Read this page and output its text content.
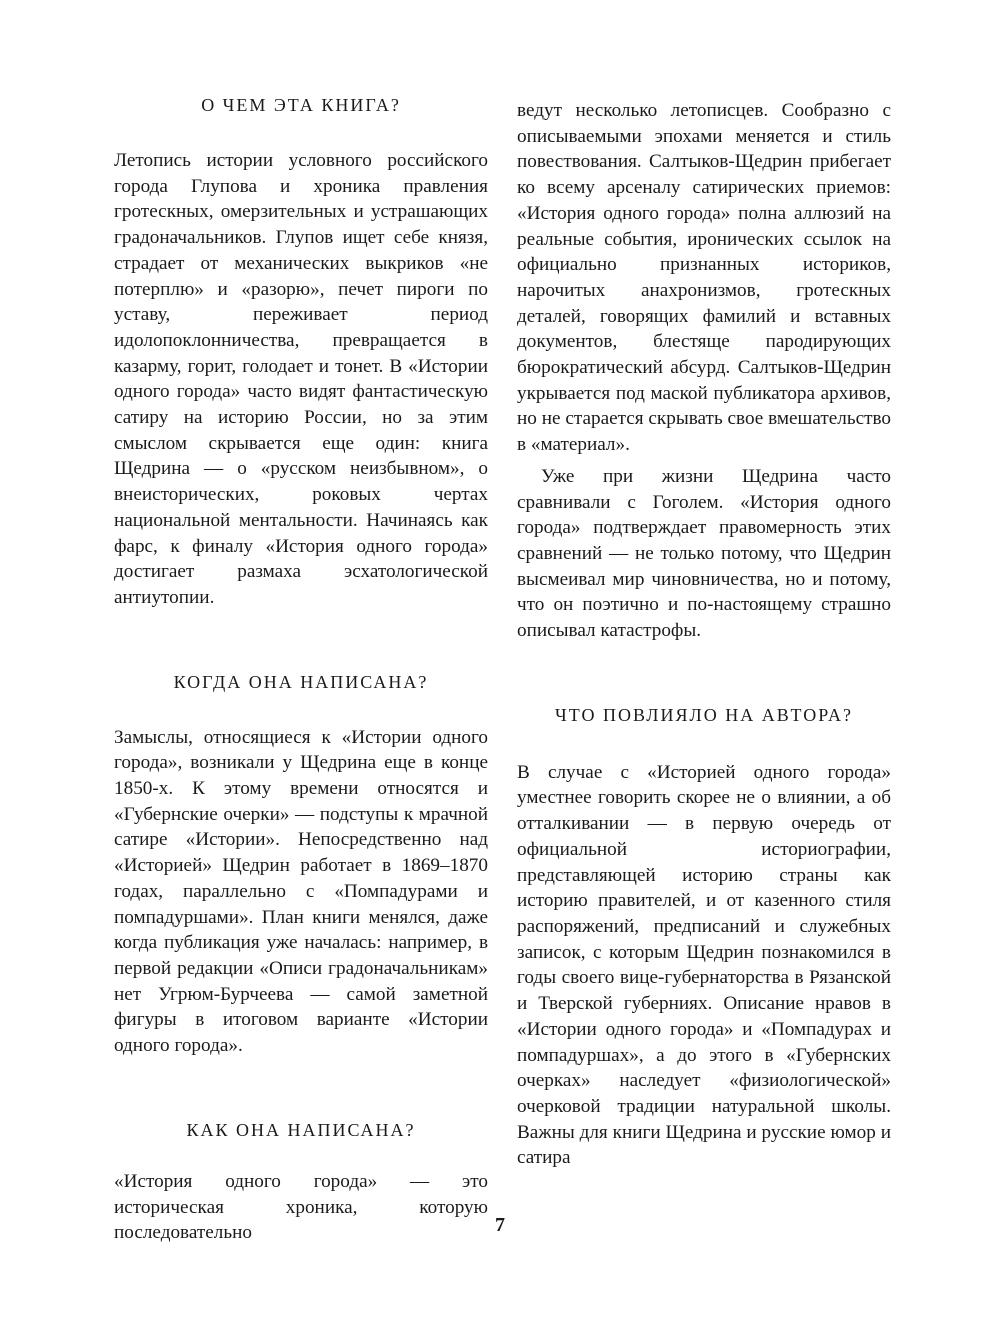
О ЧЕМ ЭТА КНИГА?

Летопись истории условного российского города Глупова и хроника правления гротескных, омерзительных и устрашающих градоначальников. Глупов ищет себе князя, страдает от механических выкриков «не потерплю» и «разорю», печет пироги по уставу, переживает период идолопоклонничества, превращается в казарму, горит, голодает и тонет. В «Истории одного города» часто видят фантастическую сатиру на историю России, но за этим смыслом скрывается еще один: книга Щедрина — о «русском неизбывном», о внеисторических, роковых чертах национальной ментальности. Начинаясь как фарс, к финалу «История одного города» достигает размаха эсхатологической антиутопии.

КОГДА ОНА НАПИСАНА?

Замыслы, относящиеся к «Истории одного города», возникали у Щедрина еще в конце 1850-х. К этому времени относятся и «Губернские очерки» — подступы к мрачной сатире «Истории». Непосредственно над «Историей» Щедрин работает в 1869–1870 годах, параллельно с «Помпадурами и помпадуршами». План книги менялся, даже когда публикация уже началась: например, в первой редакции «Описи градоначальникам» нет Угрюм-Бурчеева — самой заметной фигуры в итоговом варианте «Истории одного города».

КАК ОНА НАПИСАНА?

«История одного города» — это историческая хроника, которую последовательно

ведут несколько летописцев. Сообразно с описываемыми эпохами меняется и стиль повествования. Салтыков-Щедрин прибегает ко всему арсеналу сатирических приемов: «История одного города» полна аллюзий на реальные события, иронических ссылок на официально признанных историков, нарочитых анахронизмов, гротескных деталей, говорящих фамилий и вставных документов, блестяще пародирующих бюрократический абсурд. Салтыков-Щедрин укрывается под маской публикатора архивов, но не старается скрывать свое вмешательство в «материал».

Уже при жизни Щедрина часто сравнивали с Гоголем. «История одного города» подтверждает правомерность этих сравнений — не только потому, что Щедрин высмеивал мир чиновничества, но и потому, что он поэтично и по-настоящему страшно описывал катастрофы.

ЧТО ПОВЛИЯЛО НА АВТОРА?

В случае с «Историей одного города» уместнее говорить скорее не о влиянии, а об отталкивании — в первую очередь от официальной историографии, представляющей историю страны как историю правителей, и от казенного стиля распоряжений, предписаний и служебных записок, с которым Щедрин познакомился в годы своего вице-губернаторства в Рязанской и Тверской губерниях. Описание нравов в «Истории одного города» и «Помпадурах и помпадуршах», а до этого в «Губернских очерках» наследует «физиологической» очерковой традиции натуральной школы. Важны для книги Щедрина и русские юмор и сатира

7
